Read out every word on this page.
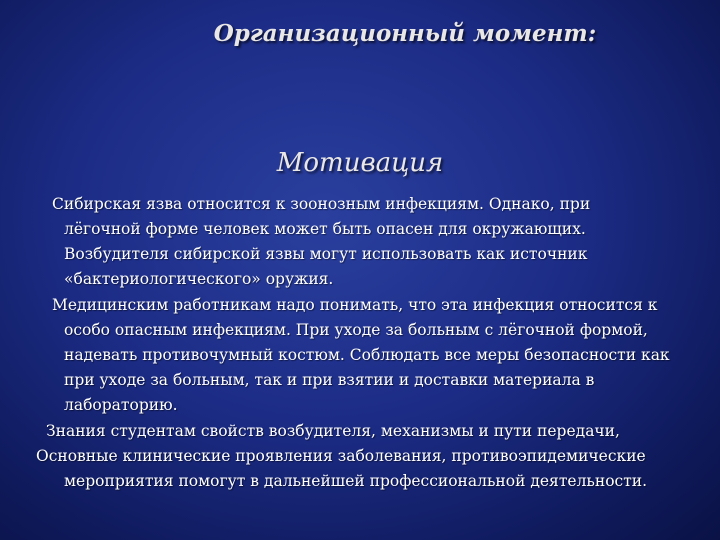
Организационный момент:
Мотивация
Сибирская язва относится к зоонозным инфекциям. Однако, при
лёгочной форме человек может быть опасен для окружающих.
Возбудителя сибирской язвы могут использовать как источник
«бактериологического» оружия.
Медицинским работникам надо понимать, что эта инфекция относится к
особо опасным инфекциям. При уходе за больным с лёгочной формой,
надевать противочумный костюм. Соблюдать все меры безопасности как
при уходе за больным, так и при взятии и доставки материала в
лабораторию.
Знания студентам свойств возбудителя, механизмы и пути передачи,
Основные клинические проявления заболевания, противоэпидемические
мероприятия помогут в дальнейшей профессиональной деятельности.
